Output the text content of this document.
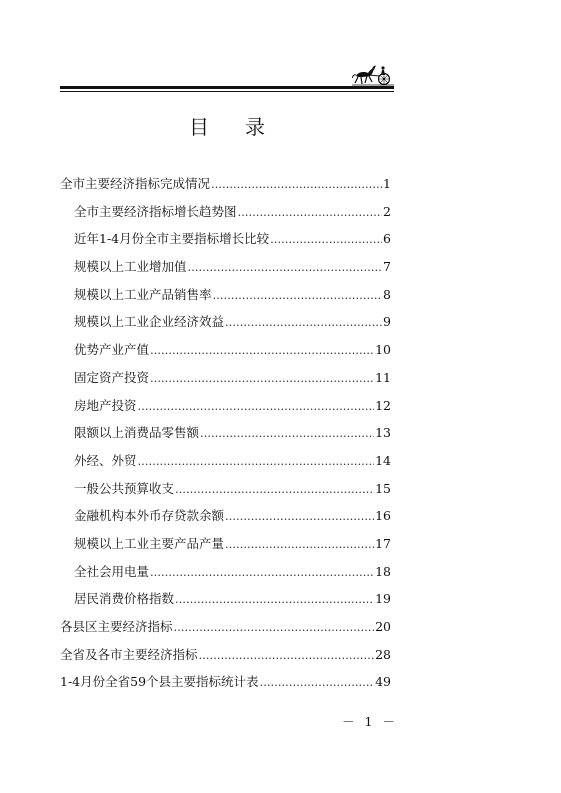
目录
全市主要经济指标完成情况 ………………………………………………………………………………………………	1
全市主要经济指标增长趋势图 ………………………………………………………………………………………………	2
近年1-4月份全市主要指标增长比较 ………………………………………………………………………………………………	6
规模以上工业增加值 ………………………………………………………………………………………………	7
规模以上工业产品销售率 ………………………………………………………………………………………………	8
规模以上工业企业经济效益 ………………………………………………………………………………………………	9
优势产业产值 ………………………………………………………………………………………………	10
固定资产投资 ………………………………………………………………………………………………	11
房地产投资 ………………………………………………………………………………………………	12
限额以上消费品零售额 ………………………………………………………………………………………………	13
外经、外贸 ………………………………………………………………………………………………	14
一般公共预算收支 ………………………………………………………………………………………………	15
金融机构本外币存贷款余额 ………………………………………………………………………………………………	16
规模以上工业主要产品产量 ………………………………………………………………………………………………	17
全社会用电量 ………………………………………………………………………………………………	18
居民消费价格指数 ………………………………………………………………………………………………	19
各县区主要经济指标 ………………………………………………………………………………………………	20
全省及各市主要经济指标 ………………………………………………………………………………………………	28
1-4月份全省59个县主要指标统计表 ………………………………………………………………………………………………	49
－ 1 －
